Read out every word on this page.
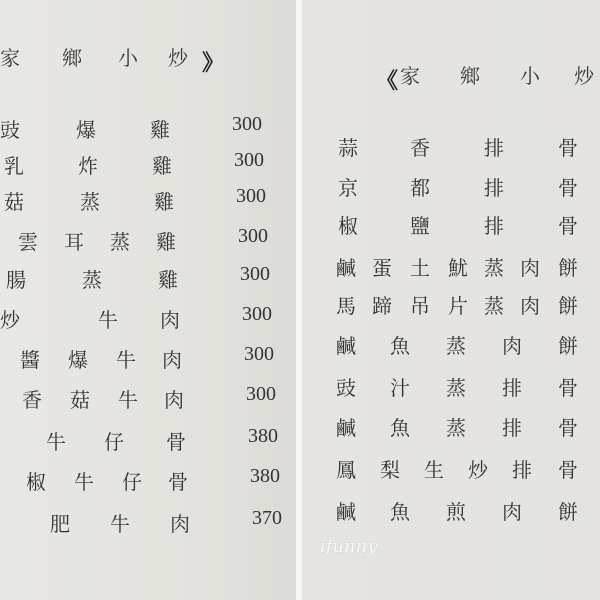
家 鄉 小 炒 》
豉	爆	雞	300
乳	炸	雞	300
菇	蒸	雞	300
雲 耳 蒸 雞	300
腸	蒸	雞	300
炒	牛 肉	300
醬 爆 牛 肉	300
香 菇 牛 肉	300
牛 仔 骨	380
椒 牛 仔 骨	380
肥 牛 肉	370
《 家 鄉 小 炒
蒜	香	排	骨
京	都	排	骨
椒	鹽	排	骨
鹹 蛋 土 魷 蒸 肉 餅
馬 蹄 吊 片 蒸 肉 餅
鹹 魚 蒸 肉 餅
豉 汁 蒸 排 骨
鹹 魚 蒸 排 骨
鳳 梨 生 炒 排 骨
鹹 魚 煎 肉 餅
...
ifunny
